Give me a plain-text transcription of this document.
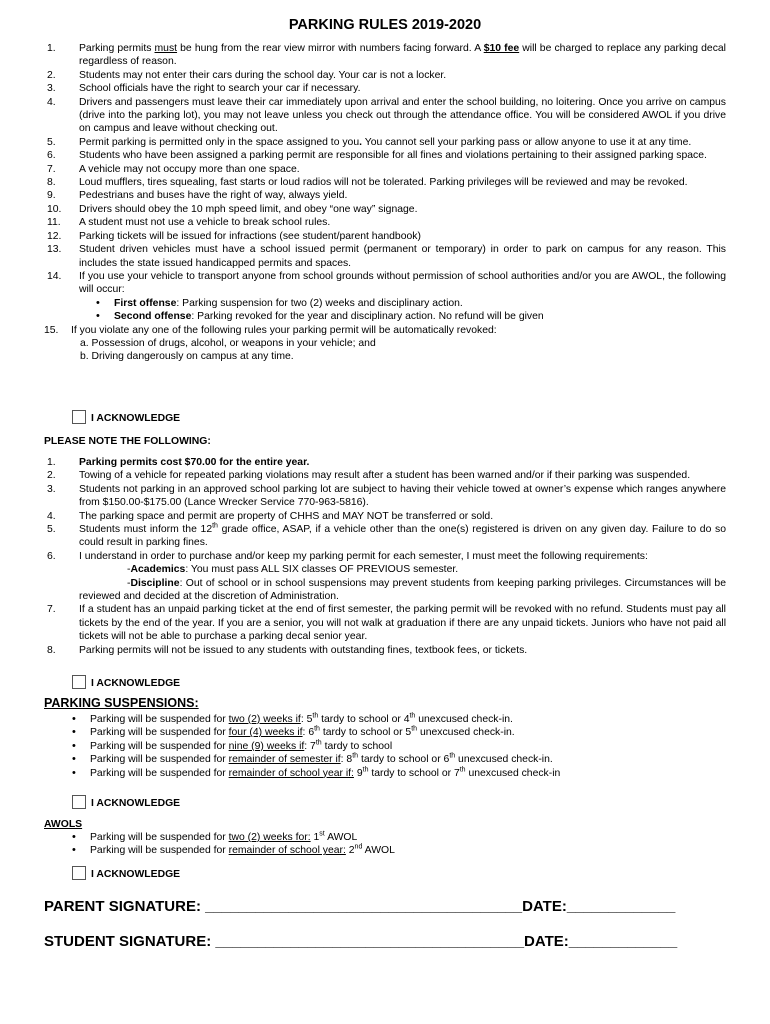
PARKING RULES 2019-2020
1. Parking permits must be hung from the rear view mirror with numbers facing forward. A $10 fee will be charged to replace any parking decal regardless of reason.
2. Students may not enter their cars during the school day. Your car is not a locker.
3. School officials have the right to search your car if necessary.
4. Drivers and passengers must leave their car immediately upon arrival and enter the school building, no loitering. Once you arrive on campus (drive into the parking lot), you may not leave unless you check out through the attendance office. You will be considered AWOL if you drive on campus and leave without checking out.
5. Permit parking is permitted only in the space assigned to you. You cannot sell your parking pass or allow anyone to use it at any time.
6. Students who have been assigned a parking permit are responsible for all fines and violations pertaining to their assigned parking space.
7. A vehicle may not occupy more than one space.
8. Loud mufflers, tires squealing, fast starts or loud radios will not be tolerated. Parking privileges will be reviewed and may be revoked.
9. Pedestrians and buses have the right of way, always yield.
10. Drivers should obey the 10 mph speed limit, and obey “one way” signage.
11. A student must not use a vehicle to break school rules.
12. Parking tickets will be issued for infractions (see student/parent handbook)
13. Student driven vehicles must have a school issued permit (permanent or temporary) in order to park on campus for any reason. This includes the state issued handicapped permits and spaces.
14. If you use your vehicle to transport anyone from school grounds without permission of school authorities and/or you are AWOL, the following will occur:
• First offense: Parking suspension for two (2) weeks and disciplinary action.
• Second offense: Parking revoked for the year and disciplinary action. No refund will be given
15. If you violate any one of the following rules your parking permit will be automatically revoked:
a. Possession of drugs, alcohol, or weapons in your vehicle; and
b. Driving dangerously on campus at any time.
I ACKNOWLEDGE
PLEASE NOTE THE FOLLOWING:
1. Parking permits cost $70.00 for the entire year.
2. Towing of a vehicle for repeated parking violations may result after a student has been warned and/or if their parking was suspended.
3. Students not parking in an approved school parking lot are subject to having their vehicle towed at owner’s expense which ranges anywhere from $150.00-$175.00 (Lance Wrecker Service 770-963-5816).
4. The parking space and permit are property of CHHS and MAY NOT be transferred or sold.
5. Students must inform the 12th grade office, ASAP, if a vehicle other than the one(s) registered is driven on any given day. Failure to do so could result in parking fines.
6. I understand in order to purchase and/or keep my parking permit for each semester, I must meet the following requirements:
-Academics: You must pass ALL SIX classes OF PREVIOUS semester.
-Discipline: Out of school or in school suspensions may prevent students from keeping parking privileges. Circumstances will be reviewed and decided at the discretion of Administration.
7. If a student has an unpaid parking ticket at the end of first semester, the parking permit will be revoked with no refund. Students must pay all tickets by the end of the year. If you are a senior, you will not walk at graduation if there are any unpaid tickets. Juniors who have not paid all tickets will not be able to purchase a parking decal senior year.
8. Parking permits will not be issued to any students with outstanding fines, textbook fees, or tickets.
I ACKNOWLEDGE
PARKING SUSPENSIONS:
• Parking will be suspended for two (2) weeks if: 5th tardy to school or 4th unexcused check-in.
• Parking will be suspended for four (4) weeks if: 6th tardy to school or 5th unexcused check-in.
• Parking will be suspended for nine (9) weeks if: 7th tardy to school
• Parking will be suspended for remainder of semester if: 8th tardy to school or 6th unexcused check-in.
• Parking will be suspended for remainder of school year if: 9th tardy to school or 7th unexcused check-in
I ACKNOWLEDGE
AWOLS
• Parking will be suspended for two (2) weeks for: 1st AWOL
• Parking will be suspended for remainder of school year: 2nd AWOL
I ACKNOWLEDGE
PARENT SIGNATURE: ______________________________________DATE:_____________
STUDENT SIGNATURE: _____________________________________DATE:_____________
